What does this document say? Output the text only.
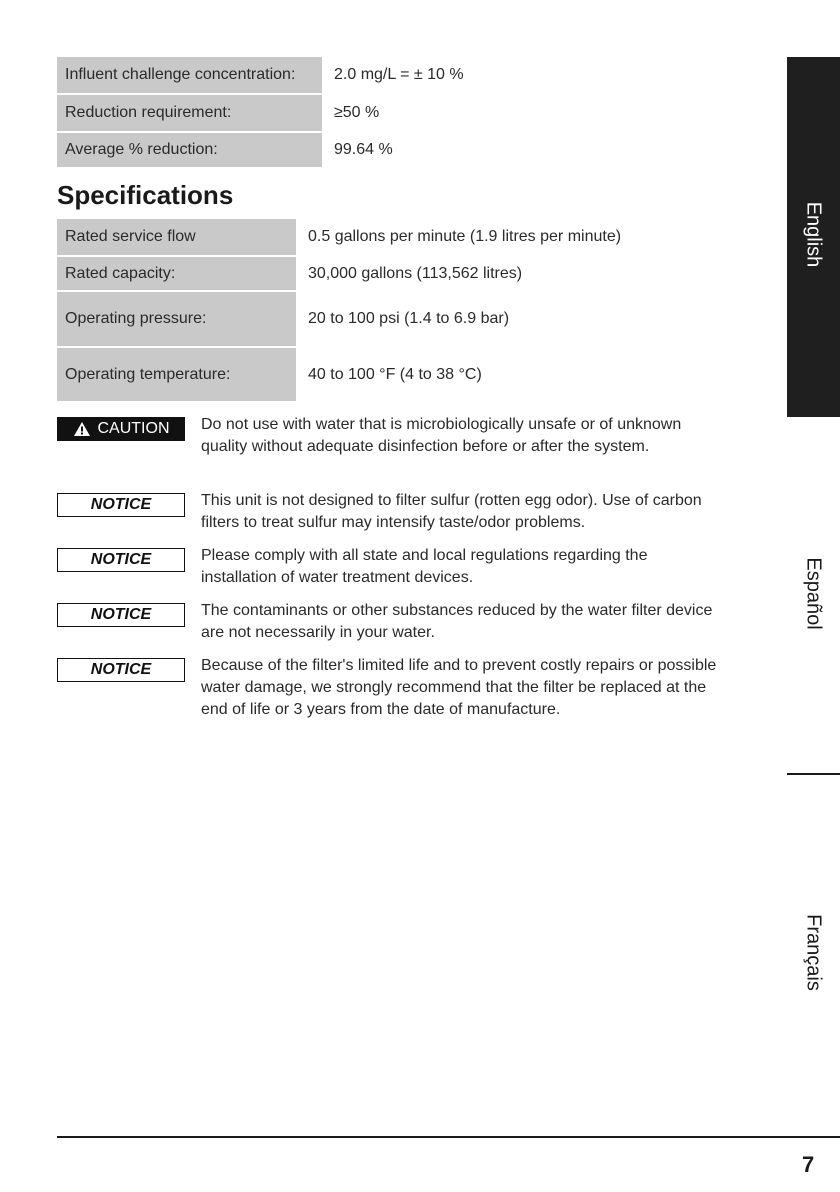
Influent challenge concentration:	2.0 mg/L = ± 10 %
Reduction requirement:	≥50 %
Average % reduction:	99.64 %
Specifications
Rated service flow	0.5 gallons per minute (1.9 litres per minute)
Rated capacity:	30,000 gallons (113,562 litres)
Operating pressure:	20 to 100 psi (1.4 to 6.9 bar)
Operating temperature:	40 to 100 °F (4 to 38 °C)
CAUTION Do not use with water that is microbiologically unsafe or of unknown quality without adequate disinfection before or after the system.
NOTICE	This unit is not designed to filter sulfur (rotten egg odor). Use of carbon filters to treat sulfur may intensify taste/odor problems.
NOTICE	Please comply with all state and local regulations regarding the installation of water treatment devices.
NOTICE	The contaminants or other substances reduced by the water filter device are not necessarily in your water.
NOTICE	Because of the filter's limited life and to prevent costly repairs or possible water damage, we strongly recommend that the filter be replaced at the end of life or 3 years from the date of manufacture.
English
Español
Français
7
